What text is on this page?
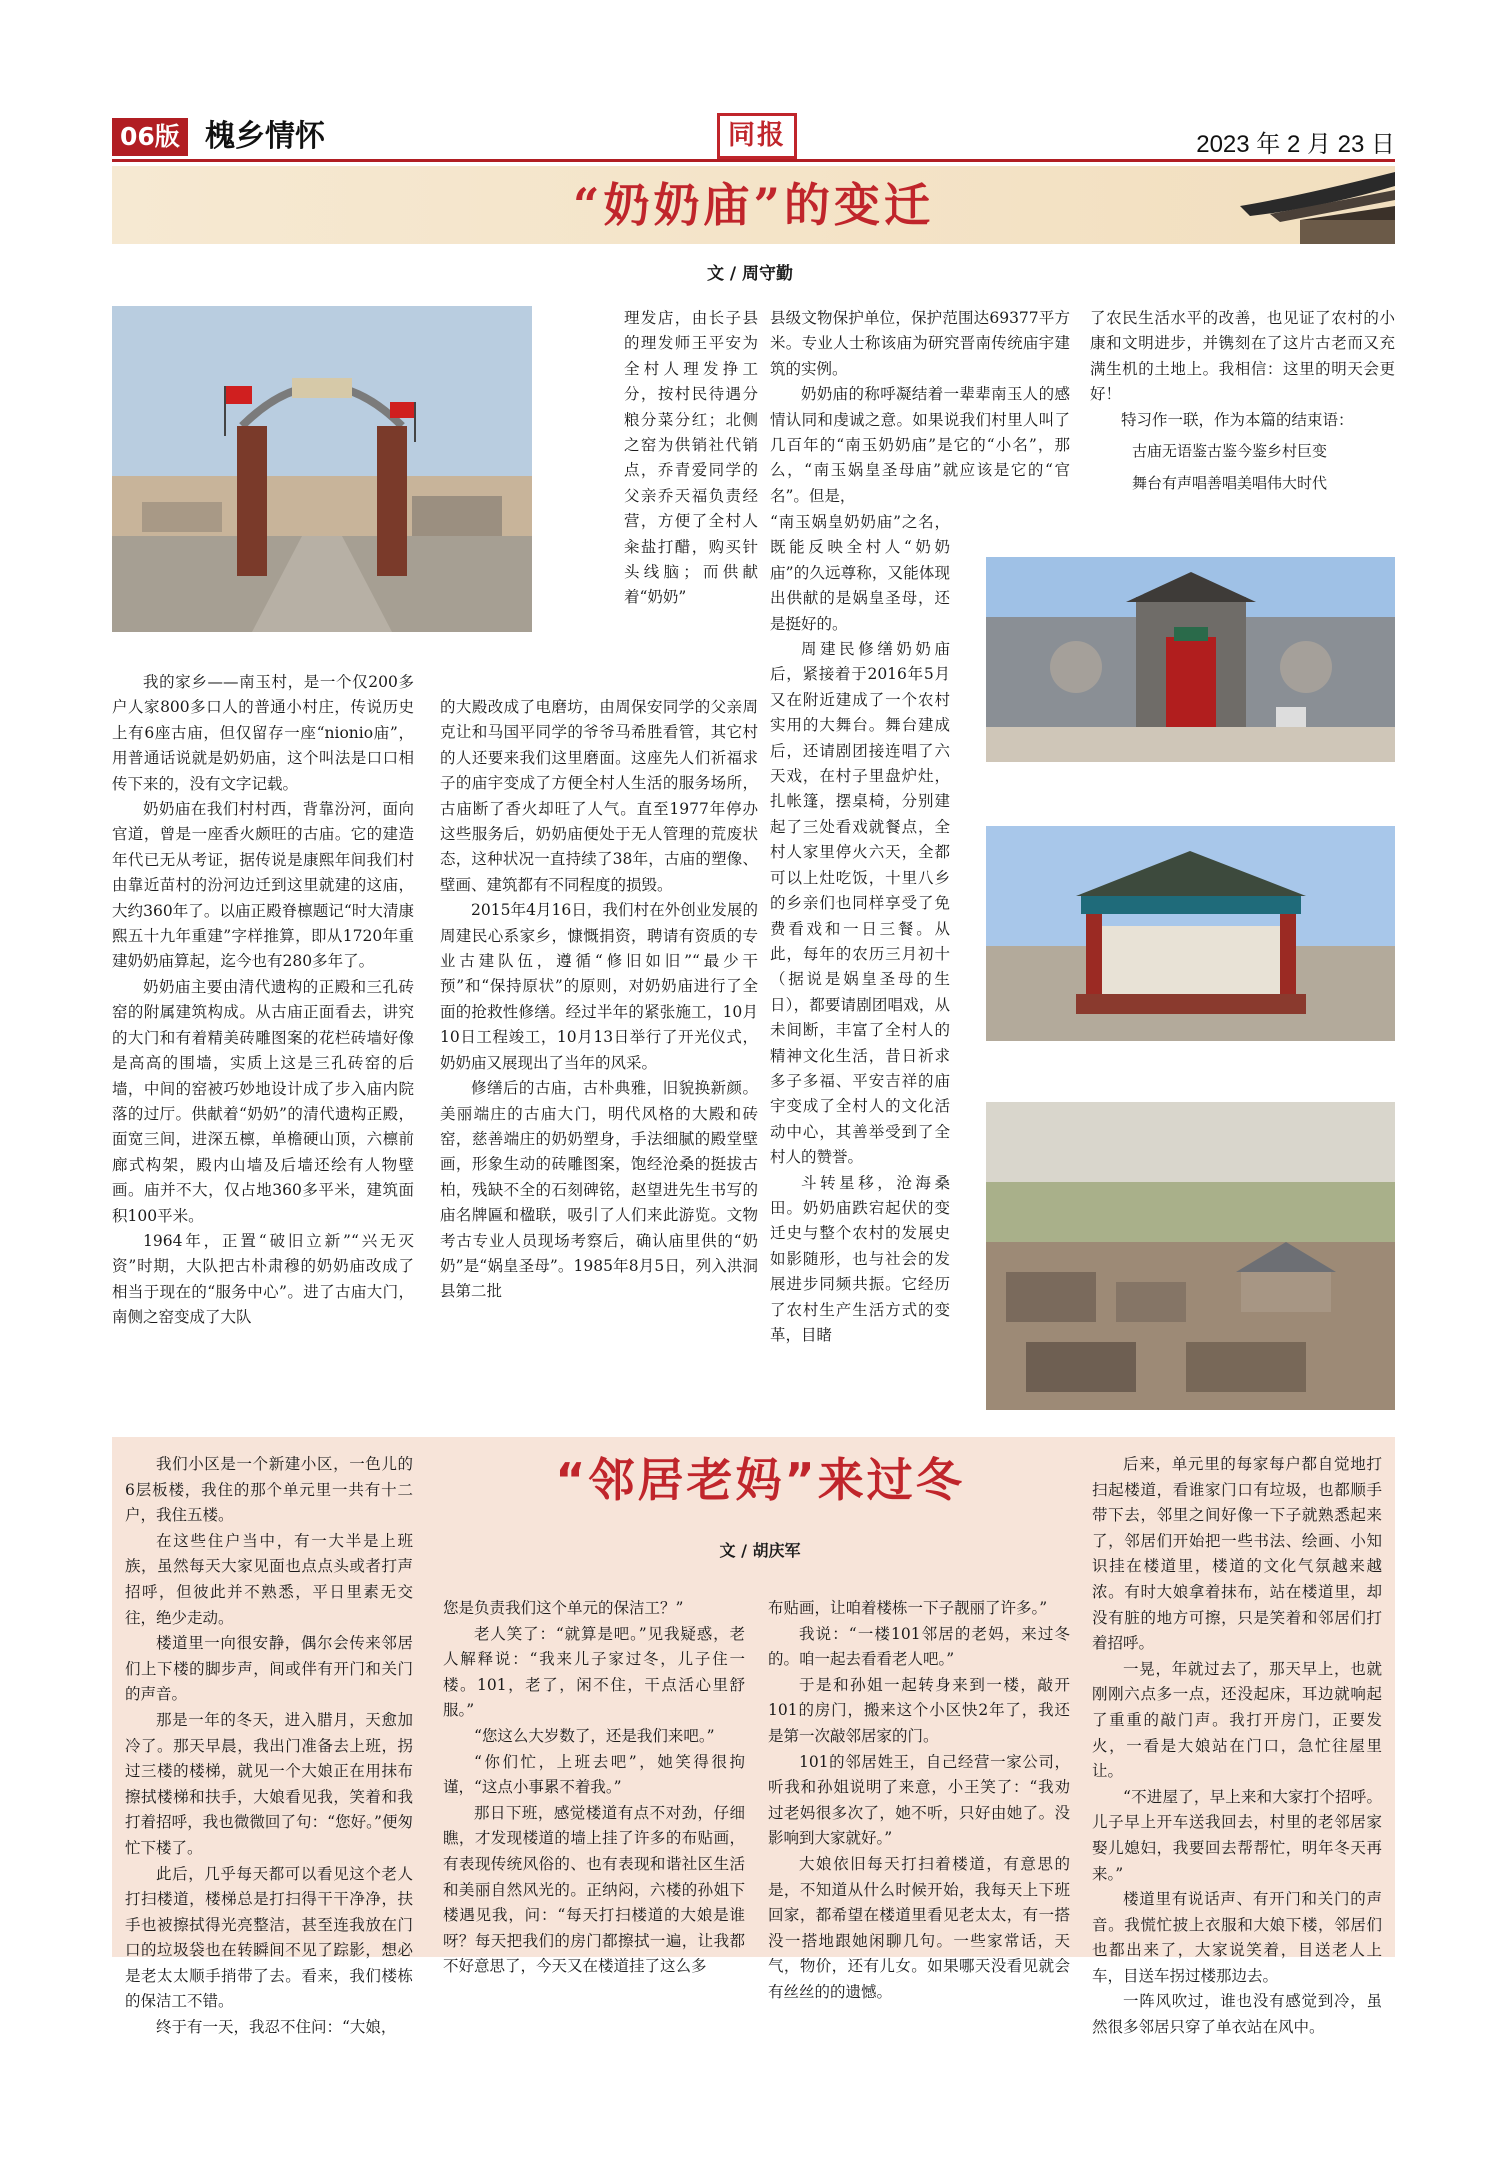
06版 槐乡情怀	同报	2023 年 2 月 23 日
“奶奶庙”的变迁
文 / 周守勤

我的家乡——南玉村，是一个仅200多户人家800多口人的普通小村庄，传说历史上有6座古庙，但仅留存一座“nionio庙”，用普通话说就是奶奶庙，这个叫法是口口相传下来的，没有文字记载。

奶奶庙在我们村村西，背靠汾河，面向官道，曾是一座香火颇旺的古庙。它的建造年代已无从考证，据传说是康熙年间我们村由靠近苗村的汾河边迁到这里就建的这庙，大约360年了。以庙正殿脊檩题记“时大清康熙五十九年重建”字样推算，即从1720年重建奶奶庙算起，迄今也有280多年了。

奶奶庙主要由清代遗构的正殿和三孔砖窑的附属建筑构成。从古庙正面看去，讲究的大门和有着精美砖雕图案的花栏砖墙好像是高高的围墙，实质上这是三孔砖窑的后墙，中间的窑被巧妙地设计成了步入庙内院落的过厅。供献着“奶奶”的清代遗构正殿，面宽三间，进深五檩，单檐硬山顶，六檩前廊式构架，殿内山墙及后墙还绘有人物壁画。庙并不大，仅占地360多平米，建筑面积100平米。

1964年，正置“破旧立新”“兴无灭资”时期，大队把古朴肃穆的奶奶庙改成了相当于现在的“服务中心”。进了古庙大门，南侧之窑变成了大队

理发店，由长子县的理发师王平安为全村人理发挣工分，按村民待遇分粮分菜分红；北侧之窑为供销社代销点，乔青爱同学的父亲乔天福负责经营，方便了全村人籴盐打醋，购买针头线脑；而供献着“奶奶”

的大殿改成了电磨坊，由周保安同学的父亲周克让和马国平同学的爷爷马希胜看管，其它村的人还要来我们这里磨面。这座先人们祈福求子的庙宇变成了方便全村人生活的服务场所，古庙断了香火却旺了人气。直至1977年停办这些服务后，奶奶庙便处于无人管理的荒废状态，这种状况一直持续了38年，古庙的塑像、壁画、建筑都有不同程度的损毁。

2015年4月16日，我们村在外创业发展的周建民心系家乡，慷慨捐资，聘请有资质的专业古建队伍，遵循“修旧如旧”“最少干预”和“保持原状”的原则，对奶奶庙进行了全面的抢救性修缮。经过半年的紧张施工，10月10日工程竣工，10月13日举行了开光仪式，奶奶庙又展现出了当年的风采。

修缮后的古庙，古朴典雅，旧貌换新颜。美丽端庄的古庙大门，明代风格的大殿和砖窑，慈善端庄的奶奶塑身，手法细腻的殿堂壁画，形象生动的砖雕图案，饱经沧桑的挺拔古柏，残缺不全的石刻碑铭，赵望进先生书写的庙名牌匾和楹联，吸引了人们来此游览。文物考古专业人员现场考察后，确认庙里供的“奶奶”是“娲皇圣母”。1985年8月5日，列入洪洞县第二批

县级文物保护单位，保护范围达69377平方米。专业人士称该庙为研究晋南传统庙宇建筑的实例。

奶奶庙的称呼凝结着一辈辈南玉人的感情认同和虔诚之意。如果说我们村里人叫了几百年的“南玉奶奶庙”是它的“小名”，那么，“南玉娲皇圣母庙”就应该是它的“官名”。但是，

“南玉娲皇奶奶庙”之名，既能反映全村人“奶奶庙”的久远尊称，又能体现出供献的是娲皇圣母，还是挺好的。

周建民修缮奶奶庙后，紧接着于2016年5月又在附近建成了一个农村实用的大舞台。舞台建成后，还请剧团接连唱了六天戏，在村子里盘炉灶，扎帐篷，摆桌椅，分别建起了三处看戏就餐点，全村人家里停火六天，全都可以上灶吃饭，十里八乡的乡亲们也同样享受了免费看戏和一日三餐。从此，每年的农历三月初十（据说是娲皇圣母的生日），都要请剧团唱戏，从未间断，丰富了全村人的精神文化生活，昔日祈求多子多福、平安吉祥的庙宇变成了全村人的文化活动中心，其善举受到了全村人的赞誉。

斗转星移，沧海桑田。奶奶庙跌宕起伏的变迁史与整个农村的发展史如影随形，也与社会的发展进步同频共振。它经历了农村生产生活方式的变革，目睹

了农民生活水平的改善，也见证了农村的小康和文明进步，并镌刻在了这片古老而又充满生机的土地上。我相信：这里的明天会更好！

特习作一联，作为本篇的结束语：

古庙无语鉴古鉴今鉴乡村巨变
舞台有声唱善唱美唱伟大时代
“邻居老妈”来过冬
文 / 胡庆军

我们小区是一个新建小区，一色儿的6层板楼，我住的那个单元里一共有十二户，我住五楼。

在这些住户当中，有一大半是上班族，虽然每天大家见面也点点头或者打声招呼，但彼此并不熟悉，平日里素无交往，绝少走动。

楼道里一向很安静，偶尔会传来邻居们上下楼的脚步声，间或伴有开门和关门的声音。

那是一年的冬天，进入腊月，天愈加冷了。那天早晨，我出门准备去上班，拐过三楼的楼梯，就见一个大娘正在用抹布擦拭楼梯和扶手，大娘看见我，笑着和我打着招呼，我也微微回了句：“您好。”便匆忙下楼了。

此后，几乎每天都可以看见这个老人打扫楼道，楼梯总是打扫得干干净净，扶手也被擦拭得光亮整洁，甚至连我放在门口的垃圾袋也在转瞬间不见了踪影，想必是老太太顺手捎带了去。看来，我们楼栋的保洁工不错。

终于有一天，我忍不住问：“大娘，

您是负责我们这个单元的保洁工？”

老人笑了：“就算是吧。”见我疑惑，老人解释说：“我来儿子家过冬，儿子住一楼。101，老了，闲不住，干点活心里舒服。”

“您这么大岁数了，还是我们来吧。”

“你们忙，上班去吧”，她笑得很拘谨，“这点小事累不着我。”

那日下班，感觉楼道有点不对劲，仔细瞧，才发现楼道的墙上挂了许多的布贴画，有表现传统风俗的、也有表现和谐社区生活和美丽自然风光的。正纳闷，六楼的孙姐下楼遇见我，问：“每天打扫楼道的大娘是谁呀？每天把我们的房门都擦拭一遍，让我都不好意思了，今天又在楼道挂了这么多

布贴画，让咱着楼栋一下子靓丽了许多。”

我说：“一楼101邻居的老妈，来过冬的。咱一起去看看老人吧。”

于是和孙姐一起转身来到一楼，敲开101的房门，搬来这个小区快2年了，我还是第一次敲邻居家的门。

101的邻居姓王，自己经营一家公司，听我和孙姐说明了来意，小王笑了：“我劝过老妈很多次了，她不听，只好由她了。没影响到大家就好。”

大娘依旧每天打扫着楼道，有意思的是，不知道从什么时候开始，我每天上下班回家，都希望在楼道里看见老太太，有一搭没一搭地跟她闲聊几句。一些家常话，天气，物价，还有儿女。如果哪天没看见就会有丝丝的的遗憾。

后来，单元里的每家每户都自觉地打扫起楼道，看谁家门口有垃圾，也都顺手带下去，邻里之间好像一下子就熟悉起来了，邻居们开始把一些书法、绘画、小知识挂在楼道里，楼道的文化气氛越来越浓。有时大娘拿着抹布，站在楼道里，却没有脏的地方可擦，只是笑着和邻居们打着招呼。

一晃，年就过去了，那天早上，也就刚刚六点多一点，还没起床，耳边就响起了重重的敲门声。我打开房门，正要发火，一看是大娘站在门口，急忙往屋里让。

“不进屋了，早上来和大家打个招呼。儿子早上开车送我回去，村里的老邻居家娶儿媳妇，我要回去帮帮忙，明年冬天再来。”

楼道里有说话声、有开门和关门的声音。我慌忙披上衣服和大娘下楼，邻居们也都出来了，大家说笑着，目送老人上车，目送车拐过楼那边去。

一阵风吹过，谁也没有感觉到冷，虽然很多邻居只穿了单衣站在风中。
